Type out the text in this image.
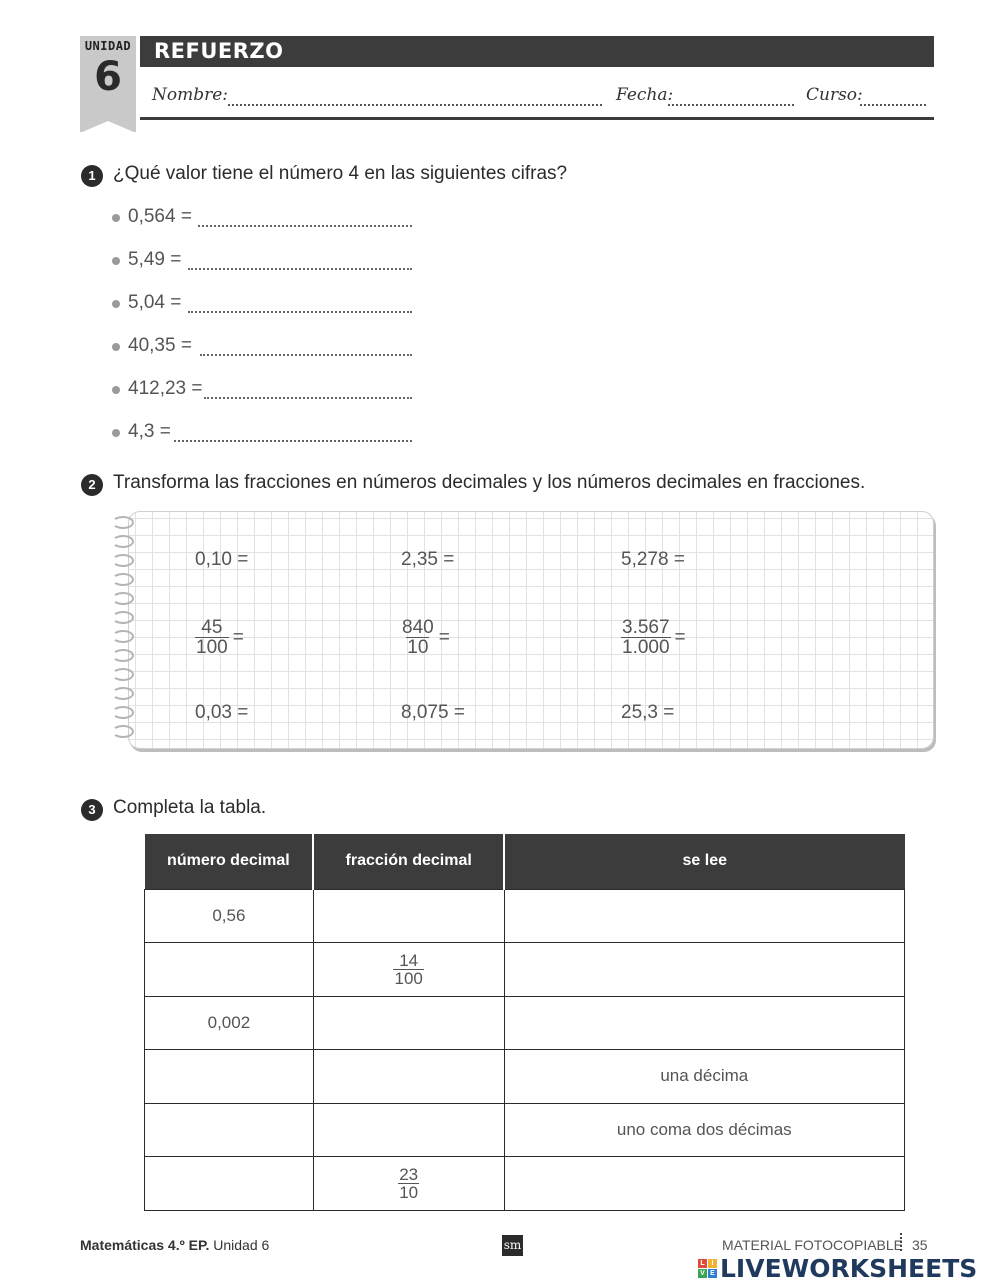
UNIDAD
6
REFUERZO
Nombre:	Fecha:	Curso:
1 ¿Qué valor tiene el número 4 en las siguientes cifras?
0,564 =
5,49 =
5,04 =
40,35 =
412,23 =
4,3 =
2 Transforma las fracciones en números decimales y los números decimales en fracciones.
0,10 =	2,35 =	5,278 =
$\frac{45}{100}$ =	$\frac{840}{10}$ =	$\frac{3.567}{1.000}$ =
0,03 =	8,075 =	25,3 =
3 Completa la tabla.
número decimal	fracción decimal	se lee
0,56		

	$\frac{14}{100}$

0,002		
		una décima
		uno coma dos décimas

	$\frac{23}{10}$

Matemáticas 4.º EP. Unidad 6	sm	MATERIAL FOTOCOPIABLE 35
L I
V E LIVEWORKSHEETS
